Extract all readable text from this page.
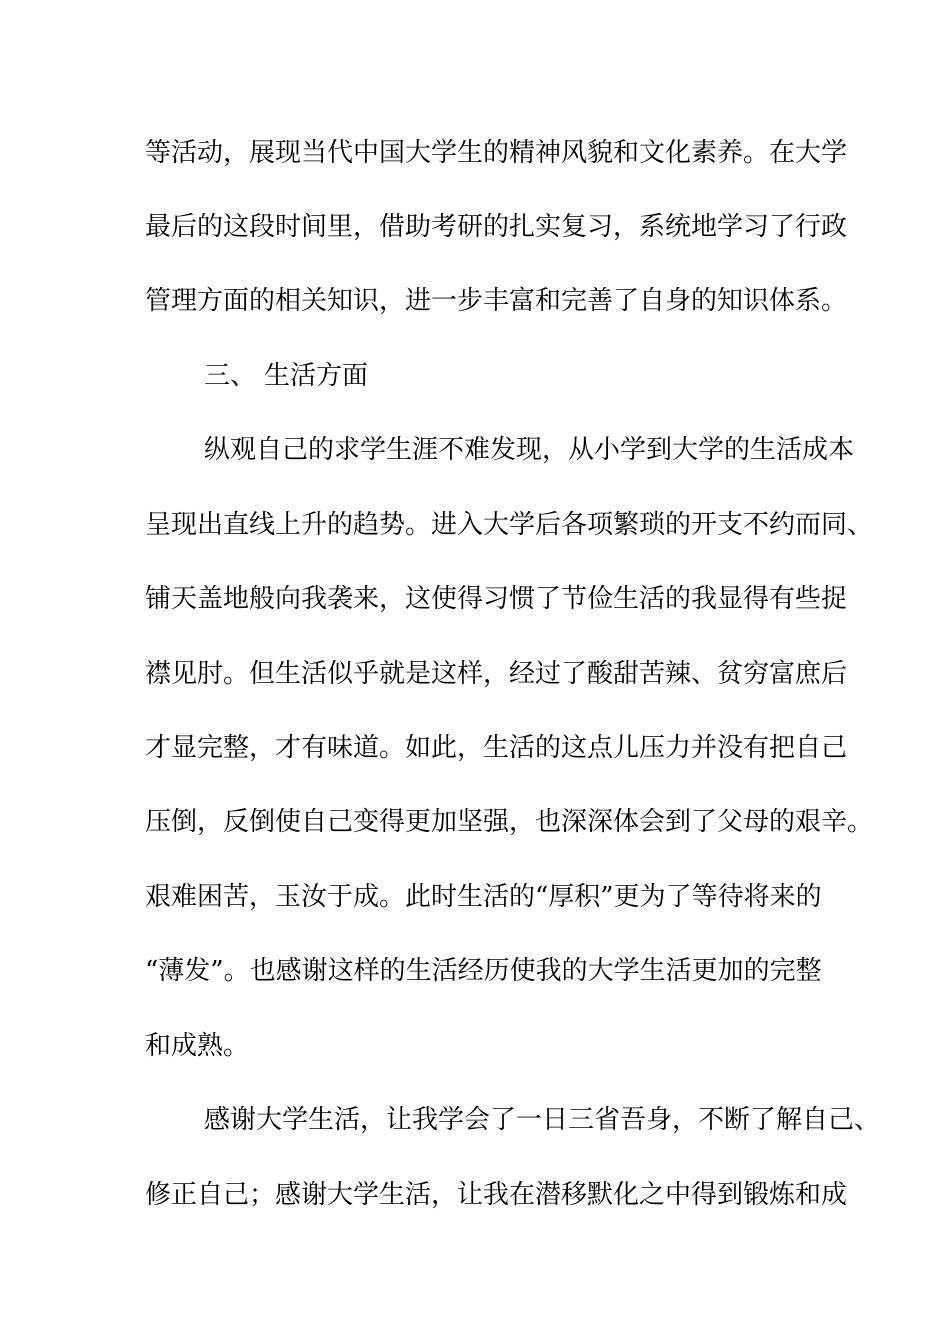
等活动，展现当代中国大学生的精神风貌和文化素养。在大学
最后的这段时间里，借助考研的扎实复习，系统地学习了行政
管理方面的相关知识，进一步丰富和完善了自身的知识体系。
三、 生活方面
纵观自己的求学生涯不难发现，从小学到大学的生活成本
呈现出直线上升的趋势。进入大学后各项繁琐的开支不约而同、
铺天盖地般向我袭来，这使得习惯了节俭生活的我显得有些捉
襟见肘。但生活似乎就是这样，经过了酸甜苦辣、贫穷富庶后
才显完整，才有味道。如此，生活的这点儿压力并没有把自己
压倒，反倒使自己变得更加坚强，也深深体会到了父母的艰辛。
艰难困苦，玉汝于成。此时生活的“厚积”更为了等待将来的
“薄发”。也感谢这样的生活经历使我的大学生活更加的完整
和成熟。
感谢大学生活，让我学会了一日三省吾身，不断了解自己、
修正自己；感谢大学生活，让我在潜移默化之中得到锻炼和成
